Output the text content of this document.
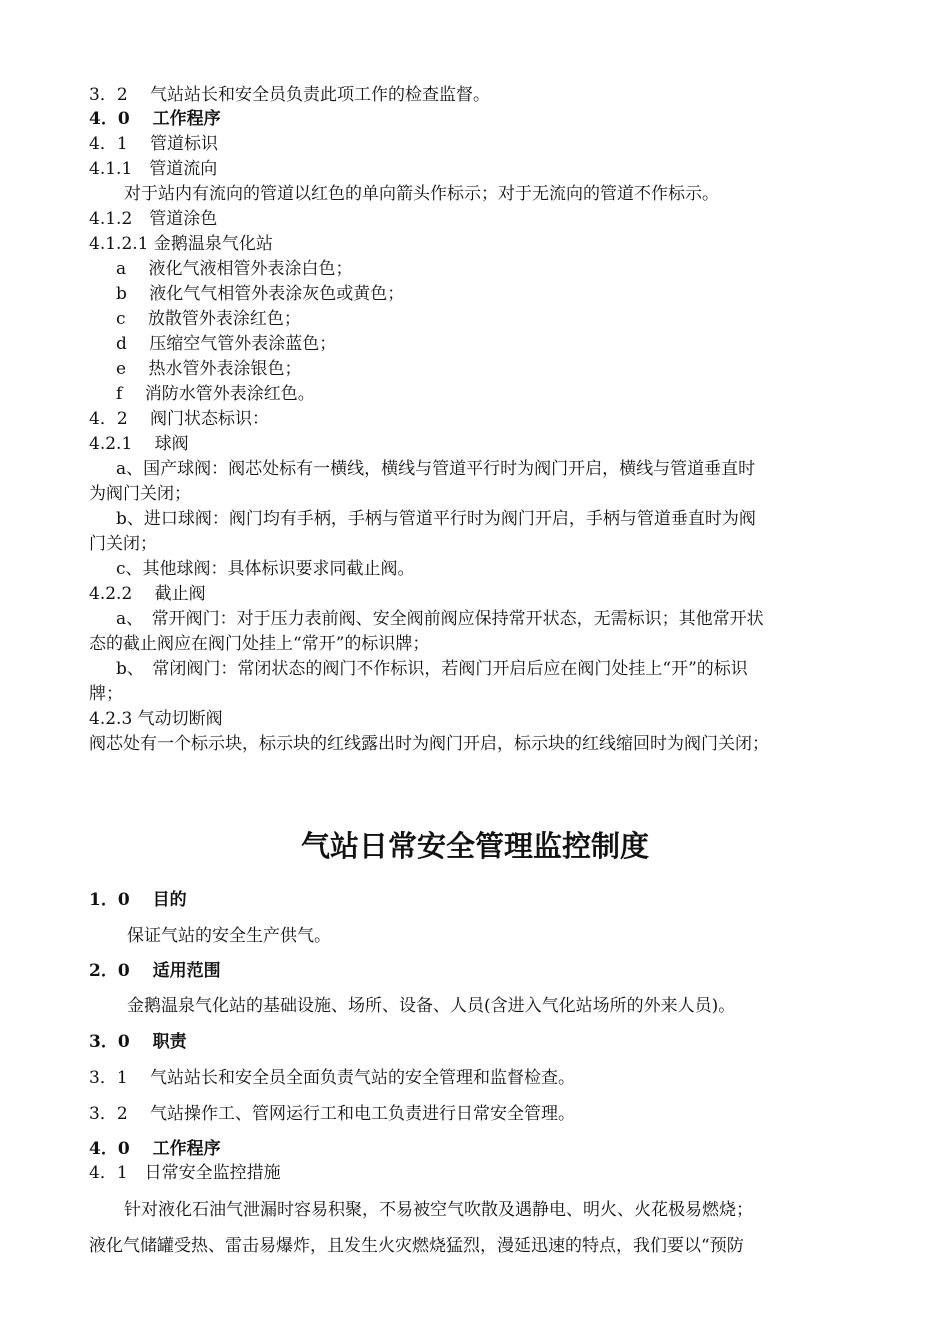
3．2　 气站站长和安全员负责此项工作的检查监督。
4．0　 工作程序
4．1　 管道标识
4.1.1　管道流向
对于站内有流向的管道以红色的单向箭头作标示；对于无流向的管道不作标示。
4.1.2　管道涂色
4.1.2.1 金鹅温泉气化站
a　 液化气液相管外表涂白色；
b　 液化气气相管外表涂灰色或黄色；
c　 放散管外表涂红色；
d　 压缩空气管外表涂蓝色；
e　 热水管外表涂银色；
f　 消防水管外表涂红色。
4．2　 阀门状态标识：
4.2.1　 球阀
a、国产球阀：阀芯处标有一横线，横线与管道平行时为阀门开启，横线与管道垂直时
为阀门关闭；
b、进口球阀：阀门均有手柄，手柄与管道平行时为阀门开启，手柄与管道垂直时为阀
门关闭；
c、其他球阀：具体标识要求同截止阀。
4.2.2　 截止阀
a、　常开阀门：对于压力表前阀、安全阀前阀应保持常开状态，无需标识；其他常开状
态的截止阀应在阀门处挂上“常开”的标识牌；
b、　常闭阀门：常闭状态的阀门不作标识，若阀门开启后应在阀门处挂上“开”的标识
牌；
4.2.3 气动切断阀
阀芯处有一个标示块，标示块的红线露出时为阀门开启，标示块的红线缩回时为阀门关闭；
气站日常安全管理监控制度
1．0　 目的
保证气站的安全生产供气。
2．0　 适用范围
金鹅温泉气化站的基础设施、场所、设备、人员(含进入气化站场所的外来人员)。
3．0　 职责
3．1　 气站站长和安全员全面负责气站的安全管理和监督检查。
3．2　 气站操作工、管网运行工和电工负责进行日常安全管理。
4．0　 工作程序
4．1　日常安全监控措施
针对液化石油气泄漏时容易积聚，不易被空气吹散及遇静电、明火、火花极易燃烧；
液化气储罐受热、雷击易爆炸，且发生火灾燃烧猛烈，漫延迅速的特点，我们要以“预防
